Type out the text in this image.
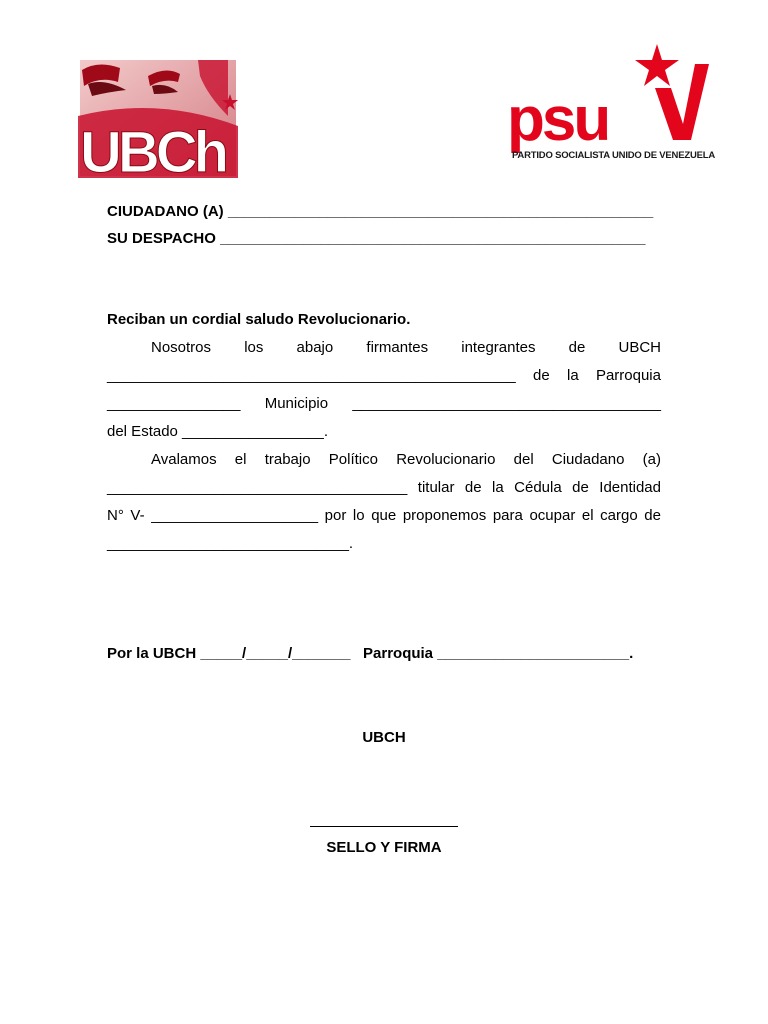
UBCh	psu
PARTIDO SOCIALISTA UNIDO DE VENEZUELA
CIUDADANO (A) ___________________________________________________
SU DESPACHO ___________________________________________________
Reciban un cordial saludo Revolucionario.
Nosotros los abajo firmantes integrantes de UBCH
_________________________________________________ de la Parroquia
________________ Municipio _____________________________________
del Estado _________________.
Avalamos el trabajo Político Revolucionario del Ciudadano (a)
____________________________________ titular de la Cédula de Identidad
N° V- ____________________ por lo que proponemos para ocupar el cargo de
_____________________________.
Por la UBCH _____/_____/_______   Parroquia _______________________.
UBCH
SELLO Y FIRMA
